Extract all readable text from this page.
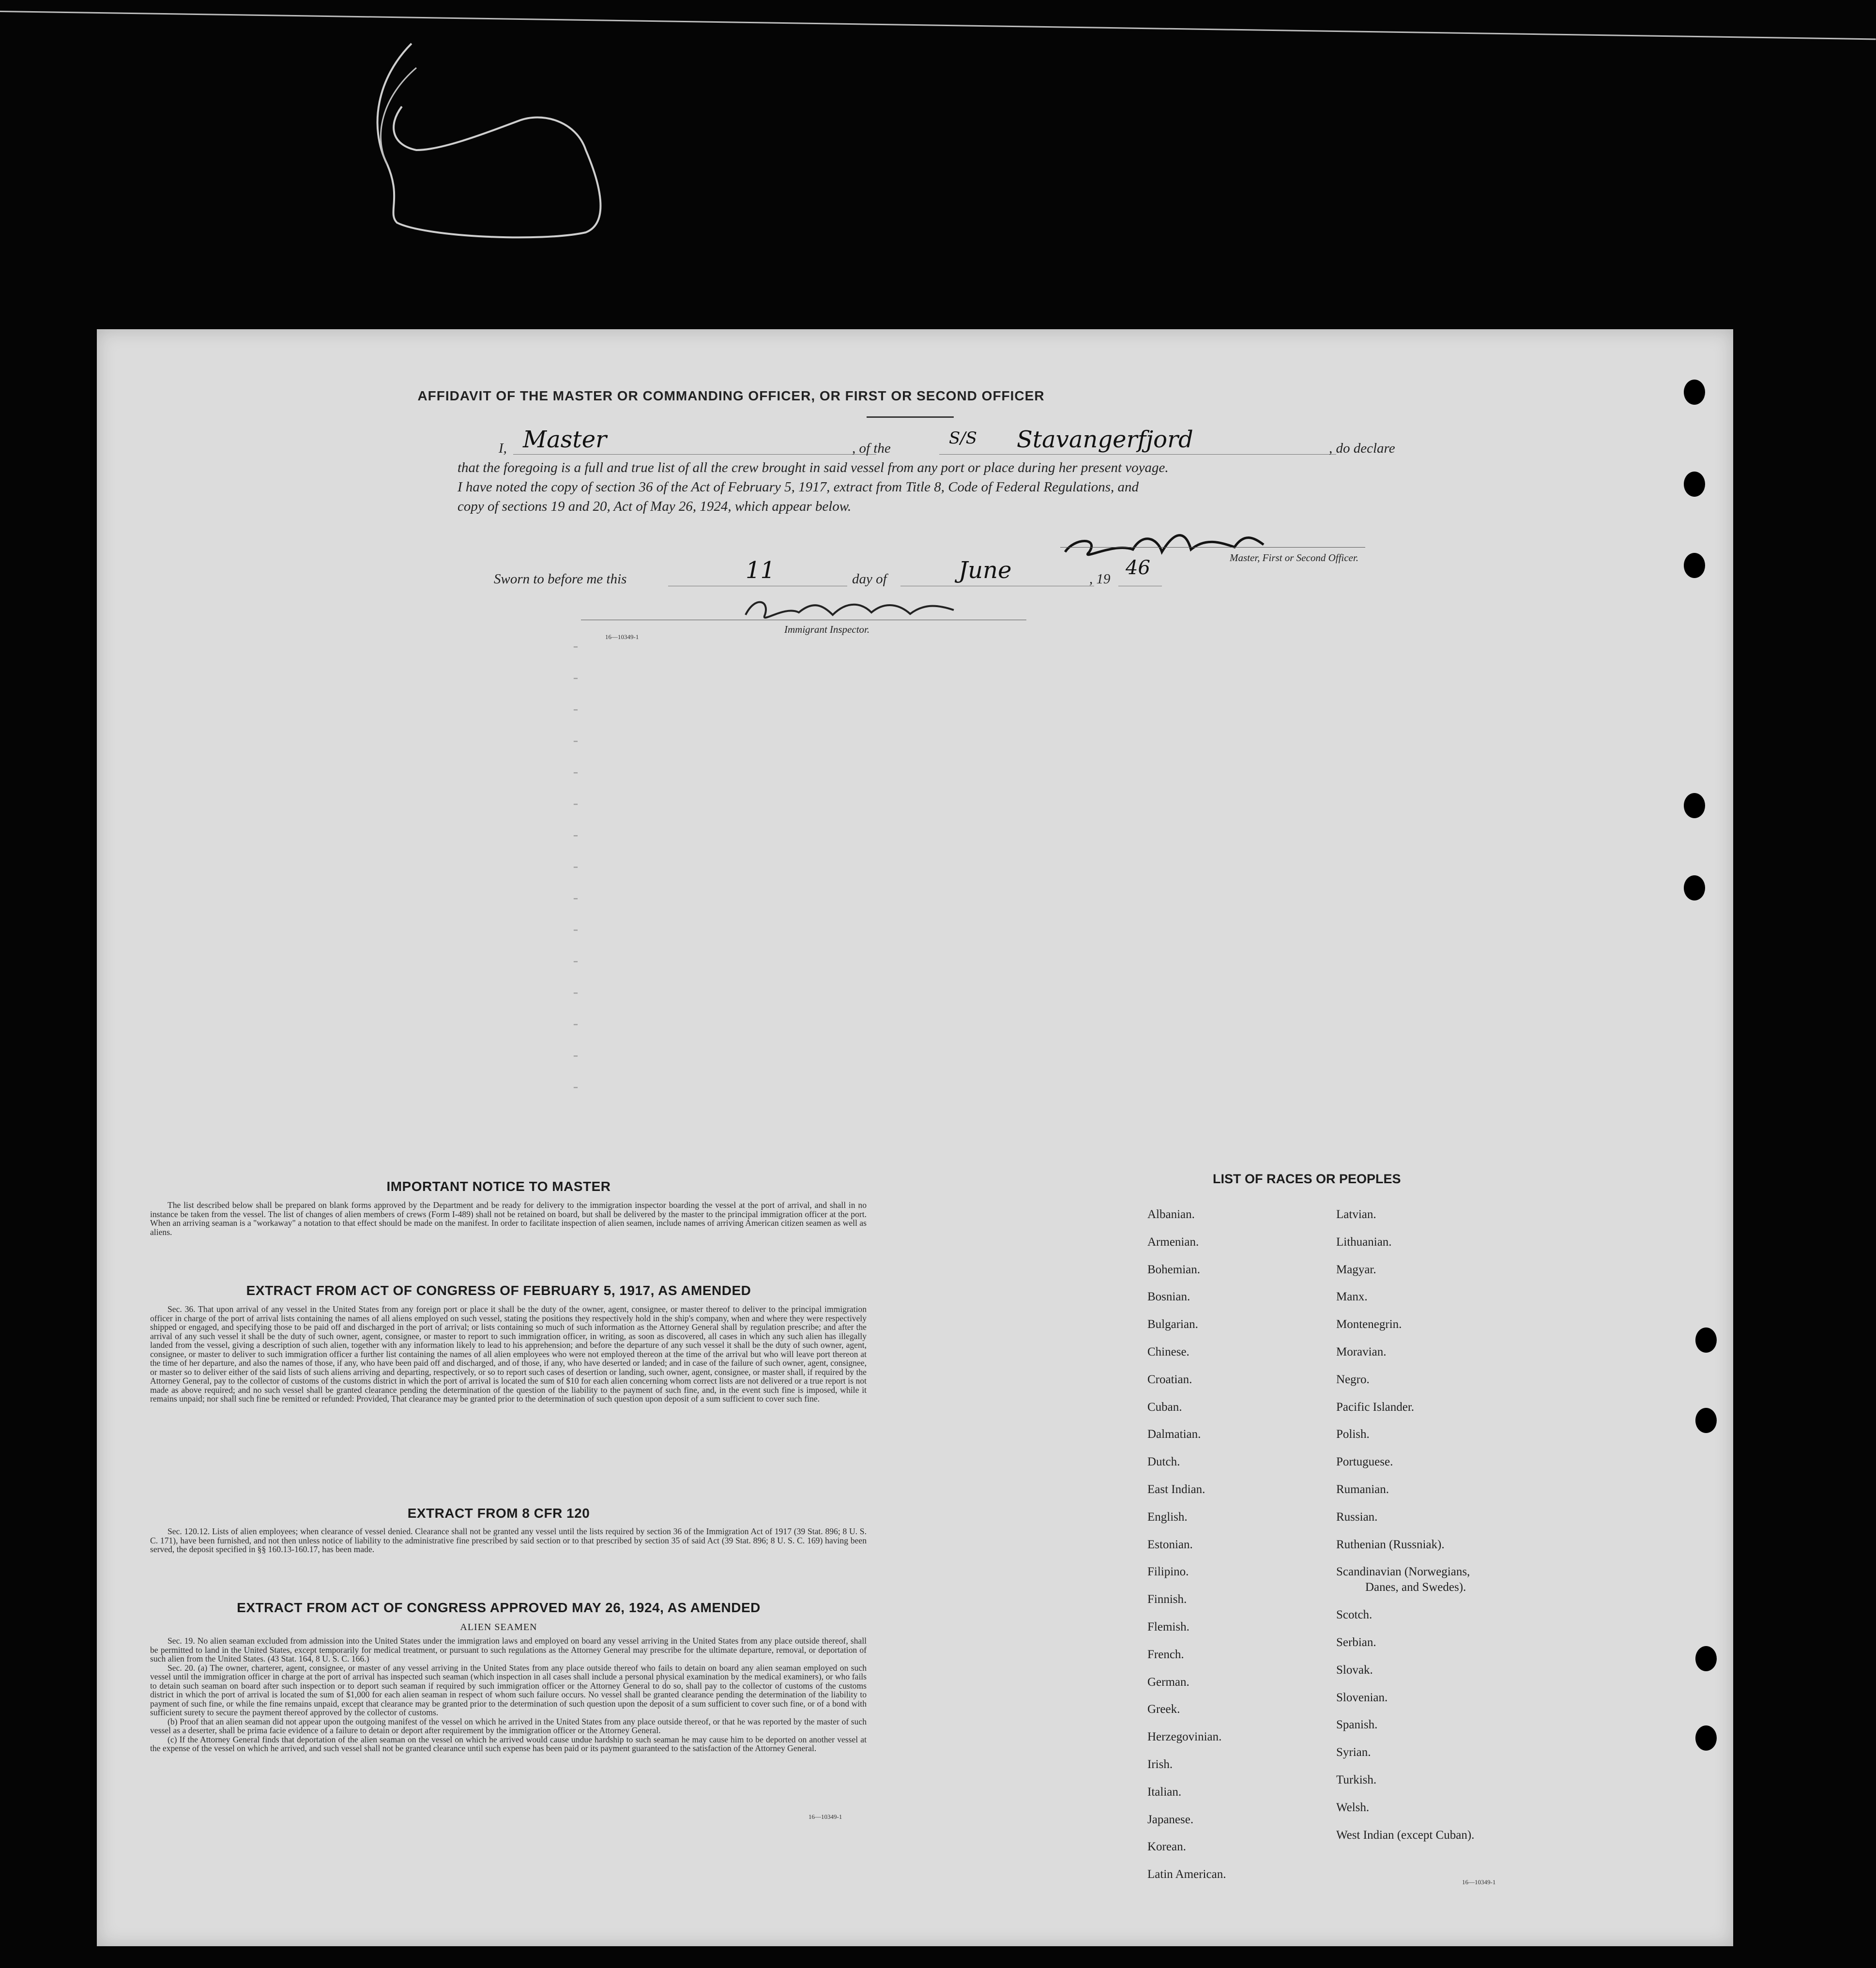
-
-
-
-
-
-
-
-
-
-
-
-
-
-
-
AFFIDAVIT OF THE MASTER OR COMMANDING OFFICER, OR FIRST OR SECOND OFFICER
I, Master	, of the
S/S Stavangerfjord	, do declare
that the foregoing is a full and true list of all the crew brought in said vessel from any port or place during her present voyage.
I have noted the copy of section 36 of the Act of February 5, 1917, extract from Title 8, Code of Federal Regulations, and
copy of sections 19 and 20, Act of May 26, 1924, which appear below.
Master, First or Second Officer.
Sworn to before me this	11	day of	June	, 19 46
Immigrant Inspector.
16—10349-1
IMPORTANT NOTICE TO MASTER

The list described below shall be prepared on blank forms approved by the Department and be ready for delivery to the immigration inspector boarding the vessel at the port of arrival, and shall in no instance be taken from the vessel. The list of changes of alien members of crews (Form I-489) shall not be retained on board, but shall be delivered by the master to the principal immigration officer at the port. When an arriving seaman is a "workaway" a notation to that effect should be made on the manifest. In order to facilitate inspection of alien seamen, include names of arriving American citizen seamen as well as aliens.

EXTRACT FROM ACT OF CONGRESS OF FEBRUARY 5, 1917, AS AMENDED

Sec. 36. That upon arrival of any vessel in the United States from any foreign port or place it shall be the duty of the owner, agent, consignee, or master thereof to deliver to the principal immigration officer in charge of the port of arrival lists containing the names of all aliens employed on such vessel, stating the positions they respectively hold in the ship's company, when and where they were respectively shipped or engaged, and specifying those to be paid off and discharged in the port of arrival; or lists containing so much of such information as the Attorney General shall by regulation prescribe; and after the arrival of any such vessel it shall be the duty of such owner, agent, consignee, or master to report to such immigration officer, in writing, as soon as discovered, all cases in which any such alien has illegally landed from the vessel, giving a description of such alien, together with any information likely to lead to his apprehension; and before the departure of any such vessel it shall be the duty of such owner, agent, consignee, or master to deliver to such immigration officer a further list containing the names of all alien employees who were not employed thereon at the time of the arrival but who will leave port thereon at the time of her departure, and also the names of those, if any, who have been paid off and discharged, and of those, if any, who have deserted or landed; and in case of the failure of such owner, agent, consignee, or master so to deliver either of the said lists of such aliens arriving and departing, respectively, or so to report such cases of desertion or landing, such owner, agent, consignee, or master shall, if required by the Attorney General, pay to the collector of customs of the customs district in which the port of arrival is located the sum of $10 for each alien concerning whom correct lists are not delivered or a true report is not made as above required; and no such vessel shall be granted clearance pending the determination of the question of the liability to the payment of such fine, and, in the event such fine is imposed, while it remains unpaid; nor shall such fine be remitted or refunded: Provided, That clearance may be granted prior to the determination of such question upon deposit of a sum sufficient to cover such fine.

EXTRACT FROM 8 CFR 120

Sec. 120.12. Lists of alien employees; when clearance of vessel denied. Clearance shall not be granted any vessel until the lists required by section 36 of the Immigration Act of 1917 (39 Stat. 896; 8 U. S. C. 171), have been furnished, and not then unless notice of liability to the administrative fine prescribed by said section or to that prescribed by section 35 of said Act (39 Stat. 896; 8 U. S. C. 169) having been served, the deposit specified in §§ 160.13-160.17, has been made.

EXTRACT FROM ACT OF CONGRESS APPROVED MAY 26, 1924, AS AMENDED
ALIEN SEAMEN

Sec. 19. No alien seaman excluded from admission into the United States under the immigration laws and employed on board any vessel arriving in the United States from any place outside thereof, shall be permitted to land in the United States, except temporarily for medical treatment, or pursuant to such regulations as the Attorney General may prescribe for the ultimate departure, removal, or deportation of such alien from the United States. (43 Stat. 164, 8 U. S. C. 166.)

Sec. 20. (a) The owner, charterer, agent, consignee, or master of any vessel arriving in the United States from any place outside thereof who fails to detain on board any alien seaman employed on such vessel until the immigration officer in charge at the port of arrival has inspected such seaman (which inspection in all cases shall include a personal physical examination by the medical examiners), or who fails to detain such seaman on board after such inspection or to deport such seaman if required by such immigration officer or the Attorney General to do so, shall pay to the collector of customs of the customs district in which the port of arrival is located the sum of $1,000 for each alien seaman in respect of whom such failure occurs. No vessel shall be granted clearance pending the determination of the liability to payment of such fine, or while the fine remains unpaid, except that clearance may be granted prior to the determination of such question upon the deposit of a sum sufficient to cover such fine, or of a bond with sufficient surety to secure the payment thereof approved by the collector of customs.

(b) Proof that an alien seaman did not appear upon the outgoing manifest of the vessel on which he arrived in the United States from any place outside thereof, or that he was reported by the master of such vessel as a deserter, shall be prima facie evidence of a failure to detain or deport after requirement by the immigration officer or the Attorney General.

(c) If the Attorney General finds that deportation of the alien seaman on the vessel on which he arrived would cause undue hardship to such seaman he may cause him to be deported on another vessel at the expense of the vessel on which he arrived, and such vessel shall not be granted clearance until such expense has been paid or its payment guaranteed to the satisfaction of the Attorney General.

16—10349-1
LIST OF RACES OR PEOPLES
Albanian.
Armenian.
Bohemian.
Bosnian.
Bulgarian.
Chinese.
Croatian.
Cuban.
Dalmatian.
Dutch.
East Indian.
English.
Estonian.
Filipino.
Finnish.
Flemish.
French.
German.
Greek.
Herzegovinian.
Irish.
Italian.
Japanese.
Korean.
Latin American.
Latvian.
Lithuanian.
Magyar.
Manx.
Montenegrin.
Moravian.
Negro.
Pacific Islander.
Polish.
Portuguese.
Rumanian.
Russian.
Ruthenian (Russniak).
Scandinavian (Norwegians,
Danes, and Swedes).
Scotch.
Serbian.
Slovak.
Slovenian.
Spanish.
Syrian.
Turkish.
Welsh.
West Indian (except Cuban).
16—10349-1
